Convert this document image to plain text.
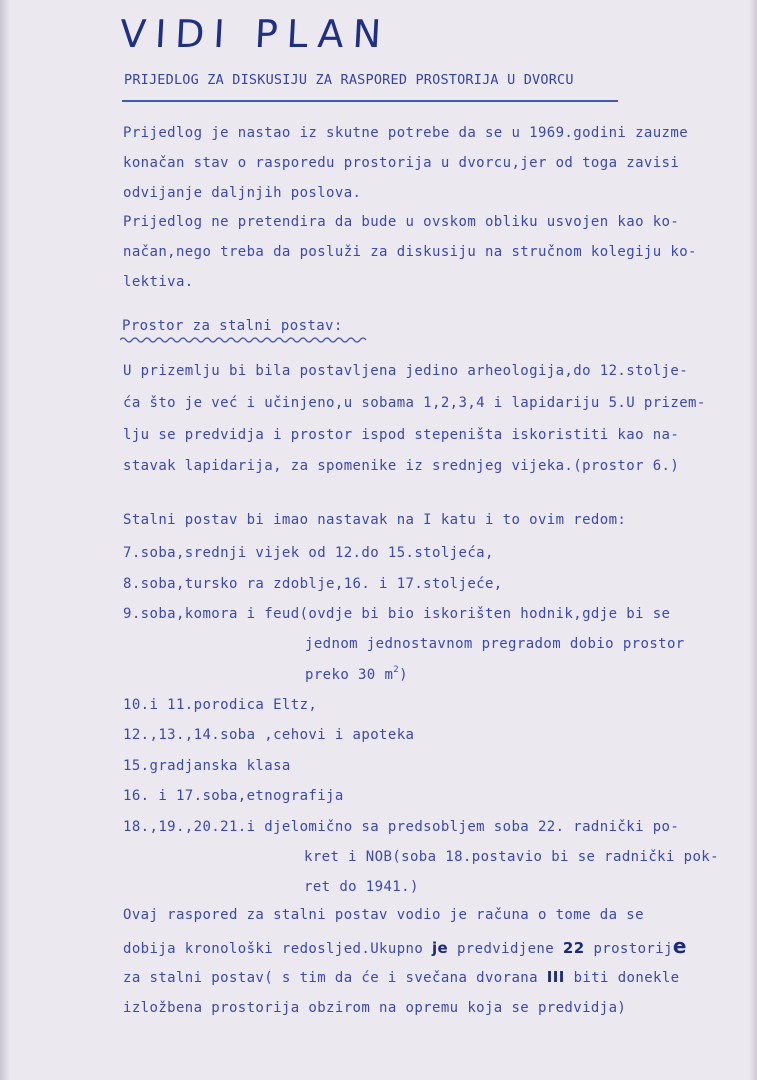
VIDI PLAN
PRIJEDLOG ZA DISKUSIJU ZA RASPORED PROSTORIJA U DVORCU
Prijedlog je nastao iz skutne potrebe da se u 1969.godini zauzme
konačan stav o rasporedu prostorija u dvorcu,jer od toga zavisi
odvijanje daljnjih poslova.
Prijedlog ne pretendira da bude u ovskom obliku usvojen kao ko-
načan,nego treba da posluži za diskusiju na stručnom kolegiju ko-
lektiva.
Prostor za stalni postav:
U prizemlju bi bila postavljena jedino arheologija,do 12.stolje-
ća što je već i učinjeno,u sobama 1,2,3,4 i lapidariju 5.U prizem-
lju se predvidja i prostor ispod stepeništa iskoristiti kao na-
stavak lapidarija, za spomenike iz srednjeg vijeka.(prostor 6.)
Stalni postav bi imao nastavak na I katu i to ovim redom:
7.soba,srednji vijek od 12.do 15.stoljeća,
8.soba,tursko ra zdoblje,16. i 17.stoljeće,
9.soba,komora i feud(ovdje bi bio iskorišten hodnik,gdje bi se
jednom jednostavnom pregradom dobio prostor
preko 30 $m^2$)
10.i 11.porodica Eltz,
12.,13.,14.soba ,cehovi i apoteka
15.gradjanska klasa
16. i 17.soba,etnografija
18.,19.,20.21.i djelomično sa predsobljem soba 22. radnički po-
kret i NOB(soba 18.postavio bi se radnički pok-
ret do 1941.)
Ovaj raspored za stalni postav vodio je računa o tome da se
dobija kronološki redosljed.Ukupno je predvidjene 22 prostorije
za stalni postav( s tim da će i svečana dvorana III biti donekle
izložbena prostorija obzirom na opremu koja se predvidja)
